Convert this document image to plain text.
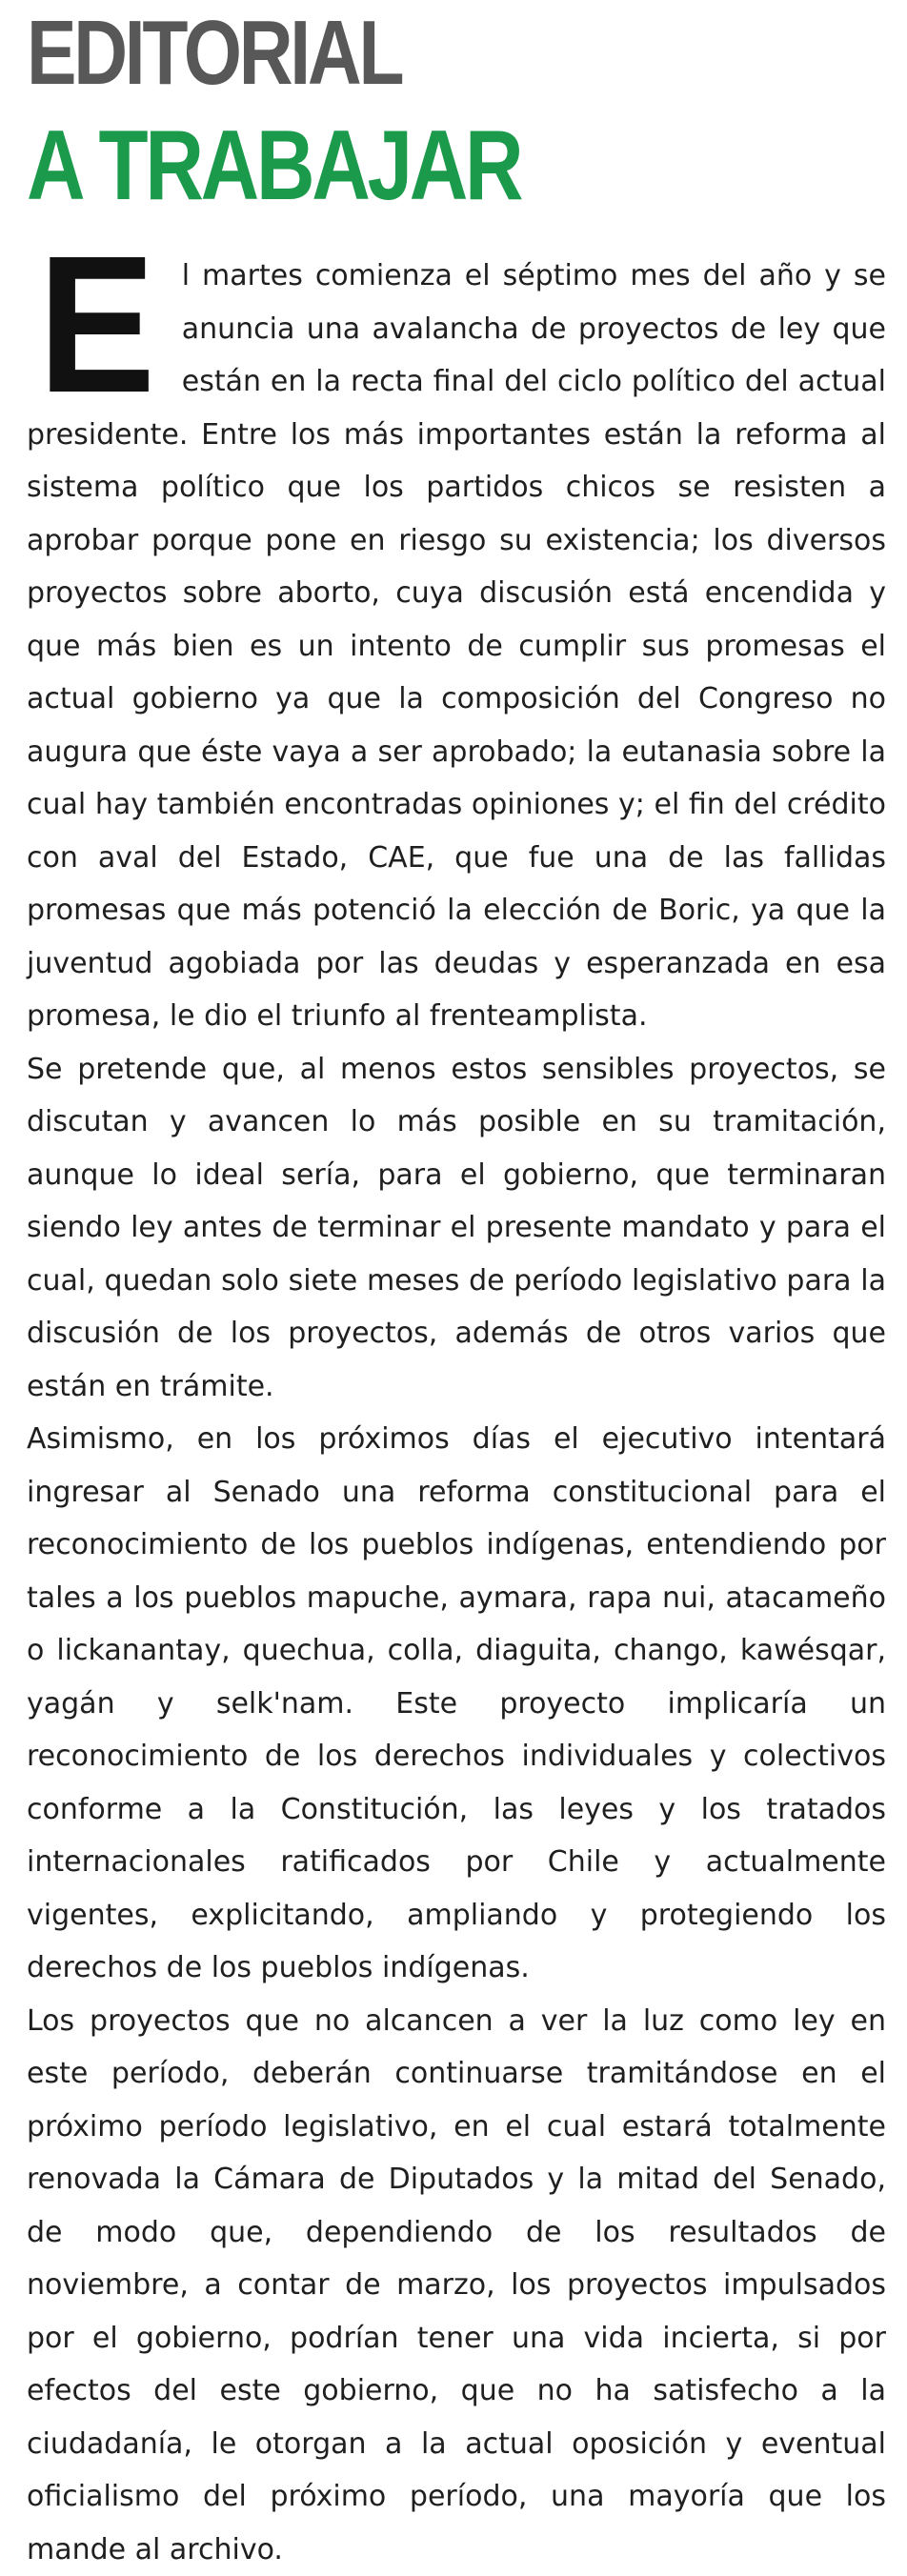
EDITORIAL
A TRABAJAR
E l martes comienza el séptimo mes del año y se anuncia una avalancha de proyectos de ley que están en la recta final del ciclo político del actual presidente. Entre los más importantes están la reforma al sistema político que los partidos chicos se resisten a aprobar porque pone en riesgo su existencia; los diversos proyectos sobre aborto, cuya discusión está encendida y que más bien es un intento de cumplir sus promesas el actual gobierno ya que la composición del Congreso no augura que éste vaya a ser aprobado; la eutanasia sobre la cual hay también encontradas opiniones y; el fin del crédito con aval del Estado, CAE, que fue una de las fallidas promesas que más potenció la elección de Boric, ya que la juventud agobiada por las deudas y esperanzada en esa promesa, le dio el triunfo al frenteamplista.

Se pretende que, al menos estos sensibles proyectos, se discutan y avancen lo más posible en su tramitación, aunque lo ideal sería, para el gobierno, que terminaran siendo ley antes de terminar el presente mandato y para el cual, quedan solo siete meses de período legislativo para la discusión de los proyectos, además de otros varios que están en trámite.

Asimismo, en los próximos días el ejecutivo intentará ingresar al Senado una reforma constitucional para el reconocimiento de los pueblos indígenas, entendiendo por tales a los pueblos mapuche, aymara, rapa nui, atacameño o lickanantay, quechua, colla, diaguita, chango, kawésqar, yagán y selk'nam. Este proyecto implicaría un reconocimiento de los derechos individuales y colectivos conforme a la Constitución, las leyes y los tratados internacionales ratificados por Chile y actualmente vigentes, explicitando, ampliando y protegiendo los derechos de los pueblos indígenas.

Los proyectos que no alcancen a ver la luz como ley en este período, deberán continuarse tramitándose en el próximo período legislativo, en el cual estará totalmente renovada la Cámara de Diputados y la mitad del Senado, de modo que, dependiendo de los resultados de noviembre, a contar de marzo, los proyectos impulsados por el gobierno, podrían tener una vida incierta, si por efectos del este gobierno, que no ha satisfecho a la ciudadanía, le otorgan a la actual oposición y eventual oficialismo del próximo período, una mayoría que los mande al archivo.
